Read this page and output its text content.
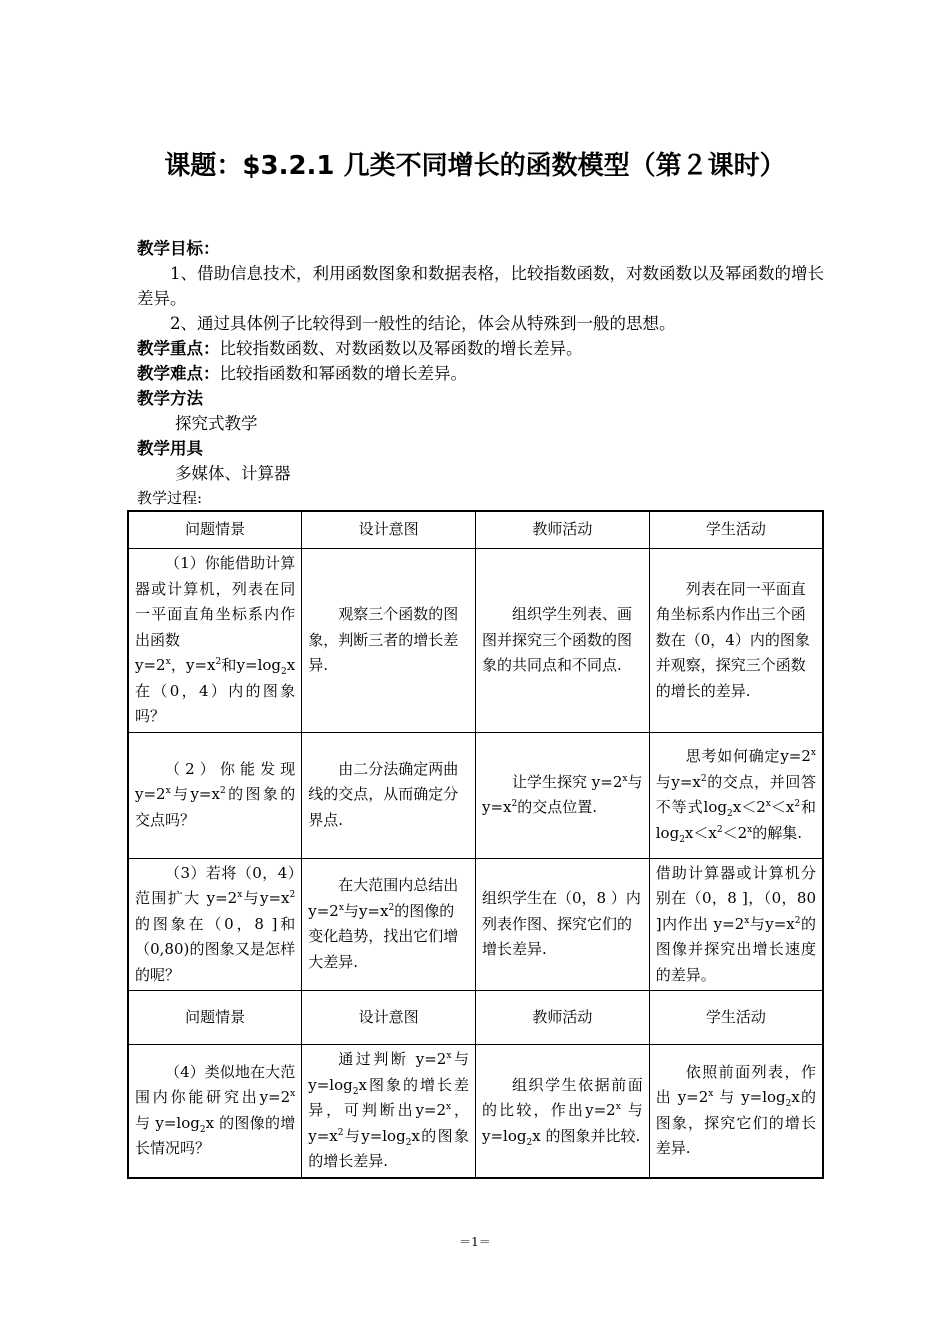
课题：$3.2.1 几类不同增长的函数模型（第２课时）

教学目标：

1、借助信息技术，利用函数图象和数据表格，比较指数函数，对数函数以及幂函数的增长差异。

2、通过具体例子比较得到一般性的结论，体会从特殊到一般的思想。

教学重点：比较指数函数、对数函数以及幂函数的增长差异。

教学难点：比较指函数和幂函数的增长差异。

教学方法

探究式教学

教学用具

多媒体、计算器

教学过程:

问题情景	设计意图	教师活动	学生活动
（1）你能借助计算器或计算机，列表在同一平面直角坐标系内作出函数
$y=2^x$，$y=x^2$和$y=\log_2x$在（0，4）内的图象吗？	观察三个函数的图象，判断三者的增长差异.	组织学生列表、画图并探究三个函数的图象的共同点和不同点.	列表在同一平面直角坐标系内作出三个函数在（0，4）内的图象并观察，探究三个函数的增长的差异.
（2）你能发现$y=2^x$与$y=x^2$的图象的交点吗？	由二分法确定两曲线的交点，从而确定分界点.	让学生探究 $y=2^x$与$y=x^2$的交点位置.	思考如何确定$y=2^x$与$y=x^2$的交点，并回答不等式$\log_2x<2^x<x^2$和 $\log_2x<x^2<2^x$的解集.
（3）若将（0，4）范围扩大 $y=2^x$与$y=x^2$的图象在（0，8 ]和（0,80)的图象又是怎样的呢？	在大范围内总结出$y=2^x$与$y=x^2$的图像的变化趋势，找出它们增大差异.	组织学生在（0，8 ）内列表作图、探究它们的增长差异.	借助计算器或计算机分别在（0，8 ]，（0，80 ]内作出 $y=2^x$与$y=x^2$的图像并探究出增长速度的差异。
问题情景	设计意图	教师活动	学生活动
（4）类似地在大范围内你能研究出$y=2^x$ 与 $y=\log_2x$ 的图像的增长情况吗？	通过判断 $y=2^x$与$y=\log_2x$图象的增长差异，可判断出$y=2^x$，$y=x^2$与$y=\log_2x$的图象的增长差异.	组织学生依据前面的比较，作出$y=2^x$ 与 $y=\log_2x$ 的图象并比较.	依照前面列表，作出 $y=2^x$ 与 $y=\log_2x$的图象，探究它们的增长差异.
＝1＝
